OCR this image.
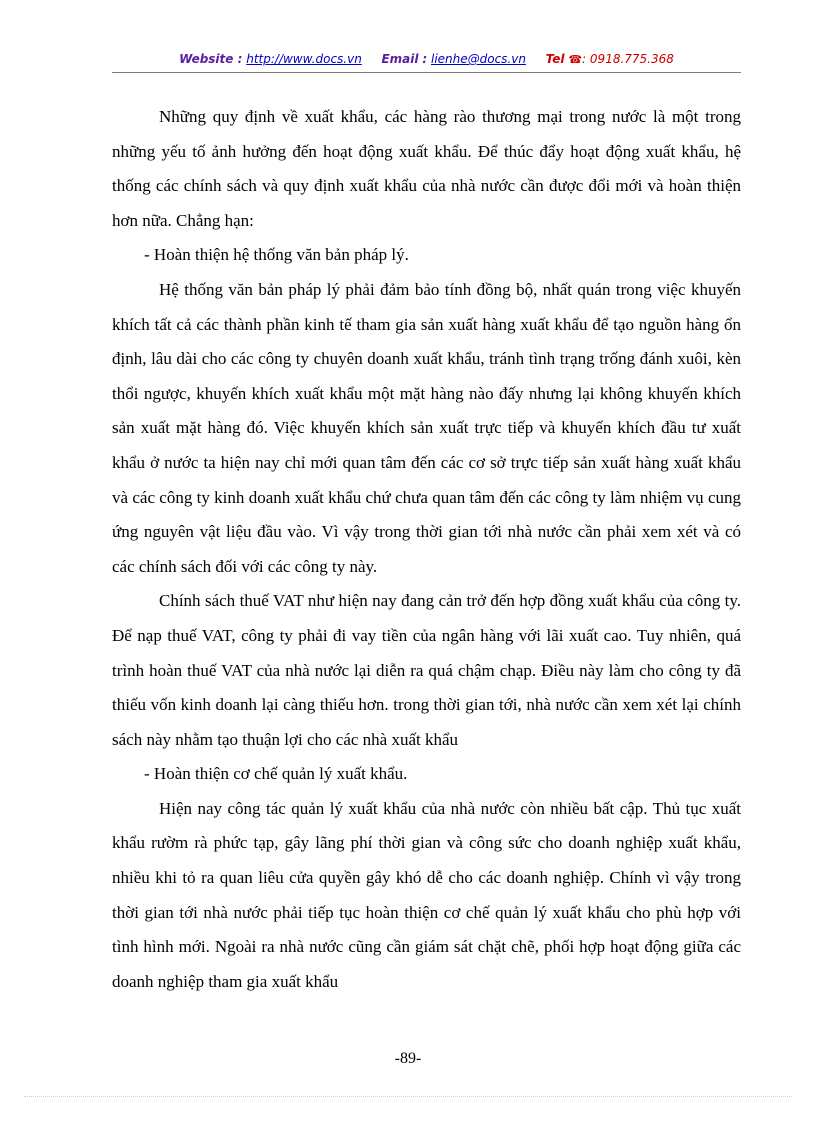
Website : http://www.docs.vn Email : lienhe@docs.vn Tel ☎: 0918.775.368

Những quy định về xuất khẩu, các hàng rào thương mại trong nước là một trong những yếu tố ảnh hưởng đến hoạt động xuất khẩu. Để thúc đẩy hoạt động xuất khẩu, hệ thống các chính sách và quy định xuất khẩu của nhà nước cần được đổi mới và hoàn thiện hơn nữa. Chẳng hạn:

- Hoàn thiện hệ thống văn bản pháp lý.

Hệ thống văn bản pháp lý phải đảm bảo tính đồng bộ, nhất quán trong việc khuyến khích tất cả các thành phần kinh tế tham gia sản xuất hàng xuất khẩu để tạo nguồn hàng ổn định, lâu dài cho các công ty chuyên doanh xuất khẩu, tránh tình trạng trống đánh xuôi, kèn thổi ngược, khuyến khích xuất khẩu một mặt hàng nào đấy nhưng lại không khuyến khích sản xuất mặt hàng đó. Việc khuyến khích sản xuất trực tiếp và khuyến khích đầu tư xuất khẩu ở nước ta hiện nay chỉ mới quan tâm đến các cơ sở trực tiếp sản xuất hàng xuất khẩu và các công ty kinh doanh xuất khẩu chứ chưa quan tâm đến các công ty làm nhiệm vụ cung ứng nguyên vật liệu đầu vào. Vì vậy trong thời gian tới nhà nước cần phải xem xét và có các chính sách đối với các công ty này.

Chính sách thuế VAT như hiện nay đang cản trở đến hợp đồng xuất khẩu của công ty. Để nạp thuế VAT, công ty phải đi vay tiền của ngân hàng với lãi xuất cao. Tuy nhiên, quá trình hoàn thuế VAT của nhà nước lại diễn ra quá chậm chạp. Điều này làm cho công ty đã thiếu vốn kinh doanh lại càng thiếu hơn. trong thời gian tới, nhà nước cần xem xét lại chính sách này nhằm tạo thuận lợi cho các nhà xuất khẩu

- Hoàn thiện cơ chế quản lý xuất khẩu.

Hiện nay công tác quản lý xuất khẩu của nhà nước còn nhiều bất cập. Thủ tục xuất khẩu rườm rà phức tạp, gây lãng phí thời gian và công sức cho doanh nghiệp xuất khẩu, nhiều khi tỏ ra quan liêu cửa quyền gây khó dễ cho các doanh nghiệp. Chính vì vậy trong thời gian tới nhà nước phải tiếp tục hoàn thiện cơ chế quản lý xuất khẩu cho phù hợp với tình hình mới. Ngoài ra nhà nước cũng cần giám sát chặt chẽ, phối hợp hoạt động giữa các doanh nghiệp tham gia xuất khẩu

-89-
